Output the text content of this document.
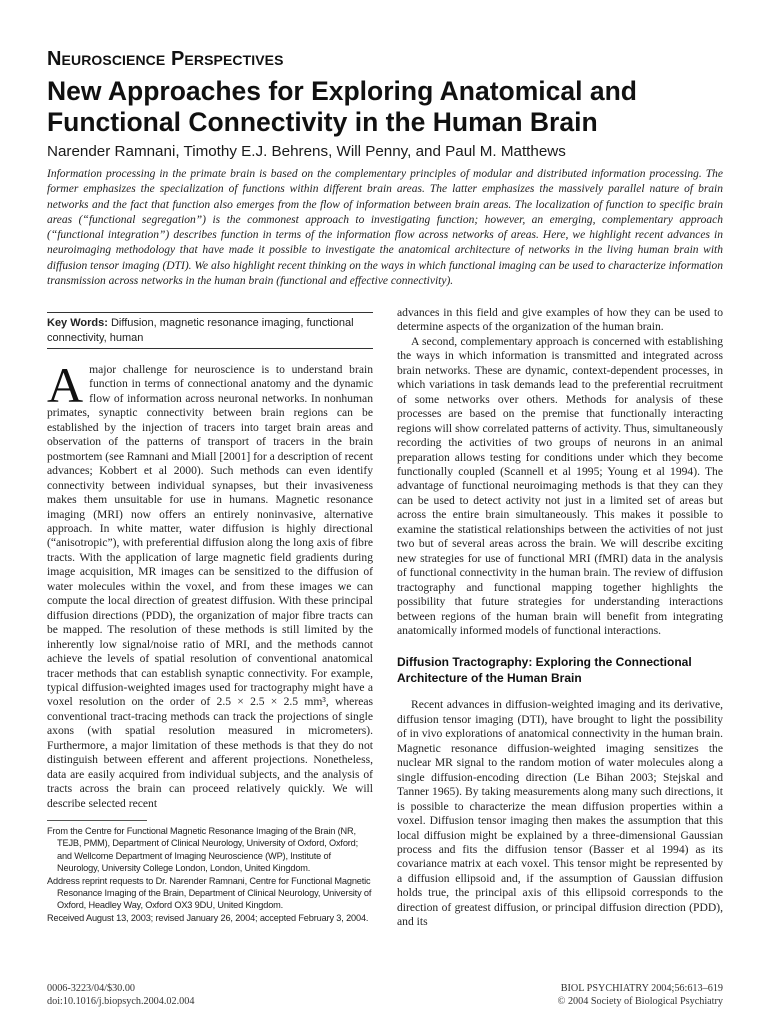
Neuroscience Perspectives
New Approaches for Exploring Anatomical and Functional Connectivity in the Human Brain
Narender Ramnani, Timothy E.J. Behrens, Will Penny, and Paul M. Matthews

Information processing in the primate brain is based on the complementary principles of modular and distributed information processing. The former emphasizes the specialization of functions within different brain areas. The latter emphasizes the massively parallel nature of brain networks and the fact that function also emerges from the flow of information between brain areas. The localization of function to specific brain areas (“functional segregation”) is the commonest approach to investigating function; however, an emerging, complementary approach (“functional integration”) describes function in terms of the information flow across networks of areas. Here, we highlight recent advances in neuroimaging methodology that have made it possible to investigate the anatomical architecture of networks in the living human brain with diffusion tensor imaging (DTI). We also highlight recent thinking on the ways in which functional imaging can be used to characterize information transmission across networks in the human brain (functional and effective connectivity).

Key Words: Diffusion, magnetic resonance imaging, functional connectivity, human
A major challenge for neuroscience is to understand brain function in terms of connectional anatomy and the dynamic flow of information across neuronal networks. In nonhuman primates, synaptic connectivity between brain regions can be established by the injection of tracers into target brain areas and observation of the patterns of transport of tracers in the brain postmortem (see Ramnani and Miall [2001] for a description of recent advances; Kobbert et al 2000). Such methods can even identify connectivity between individual synapses, but their invasiveness makes them unsuitable for use in humans. Magnetic resonance imaging (MRI) now offers an entirely noninvasive, alternative approach. In white matter, water diffusion is highly directional (“anisotropic”), with preferential diffusion along the long axis of fibre tracts. With the application of large magnetic field gradients during image acquisition, MR images can be sensitized to the diffusion of water molecules within the voxel, and from these images we can compute the local direction of greatest diffusion. With these principal diffusion directions (PDD), the organization of major fibre tracts can be mapped. The resolution of these methods is still limited by the inherently low signal/noise ratio of MRI, and the methods cannot achieve the levels of spatial resolution of conventional anatomical tracer methods that can establish synaptic connectivity. For example, typical diffusion-weighted images used for tractography might have a voxel resolution on the order of 2.5 × 2.5 × 2.5 mm³, whereas conventional tract-tracing methods can track the projections of single axons (with spatial resolution measured in micrometers). Furthermore, a major limitation of these methods is that they do not distinguish between efferent and afferent projections. Nonetheless, data are easily acquired from individual subjects, and the analysis of tracts across the brain can proceed relatively quickly. We will describe selected recent

advances in this field and give examples of how they can be used to determine aspects of the organization of the human brain.

A second, complementary approach is concerned with establishing the ways in which information is transmitted and integrated across brain networks. These are dynamic, context-dependent processes, in which variations in task demands lead to the preferential recruitment of some networks over others. Methods for analysis of these processes are based on the premise that functionally interacting regions will show correlated patterns of activity. Thus, simultaneously recording the activities of two groups of neurons in an animal preparation allows testing for conditions under which they become functionally coupled (Scannell et al 1995; Young et al 1994). The advantage of functional neuroimaging methods is that they can they can be used to detect activity not just in a limited set of areas but across the entire brain simultaneously. This makes it possible to examine the statistical relationships between the activities of not just two but of several areas across the brain. We will describe exciting new strategies for use of functional MRI (fMRI) data in the analysis of functional connectivity in the human brain. The review of diffusion tractography and functional mapping together highlights the possibility that future strategies for understanding interactions between regions of the human brain will benefit from integrating anatomically informed models of functional interactions.

Diffusion Tractography: Exploring the Connectional Architecture of the Human Brain

Recent advances in diffusion-weighted imaging and its derivative, diffusion tensor imaging (DTI), have brought to light the possibility of in vivo explorations of anatomical connectivity in the human brain. Magnetic resonance diffusion-weighted imaging sensitizes the nuclear MR signal to the random motion of water molecules along a single diffusion-encoding direction (Le Bihan 2003; Stejskal and Tanner 1965). By taking measurements along many such directions, it is possible to characterize the mean diffusion properties within a voxel. Diffusion tensor imaging then makes the assumption that this local diffusion might be explained by a three-dimensional Gaussian process and fits the diffusion tensor (Basser et al 1994) as its covariance matrix at each voxel. This tensor might be represented by a diffusion ellipsoid and, if the assumption of Gaussian diffusion holds true, the principal axis of this ellipsoid corresponds to the direction of greatest diffusion, or principal diffusion direction (PDD), and its

From the Centre for Functional Magnetic Resonance Imaging of the Brain (NR, TEJB, PMM), Department of Clinical Neurology, University of Oxford, Oxford; and Wellcome Department of Imaging Neuroscience (WP), Institute of Neurology, University College London, London, United Kingdom.

Address reprint requests to Dr. Narender Ramnani, Centre for Functional Magnetic Resonance Imaging of the Brain, Department of Clinical Neurology, University of Oxford, Headley Way, Oxford OX3 9DU, United Kingdom.

Received August 13, 2003; revised January 26, 2004; accepted February 3, 2004.

0006-3223/04/$30.00
doi:10.1016/j.biopsych.2004.02.004
BIOL PSYCHIATRY 2004;56:613–619
© 2004 Society of Biological Psychiatry
